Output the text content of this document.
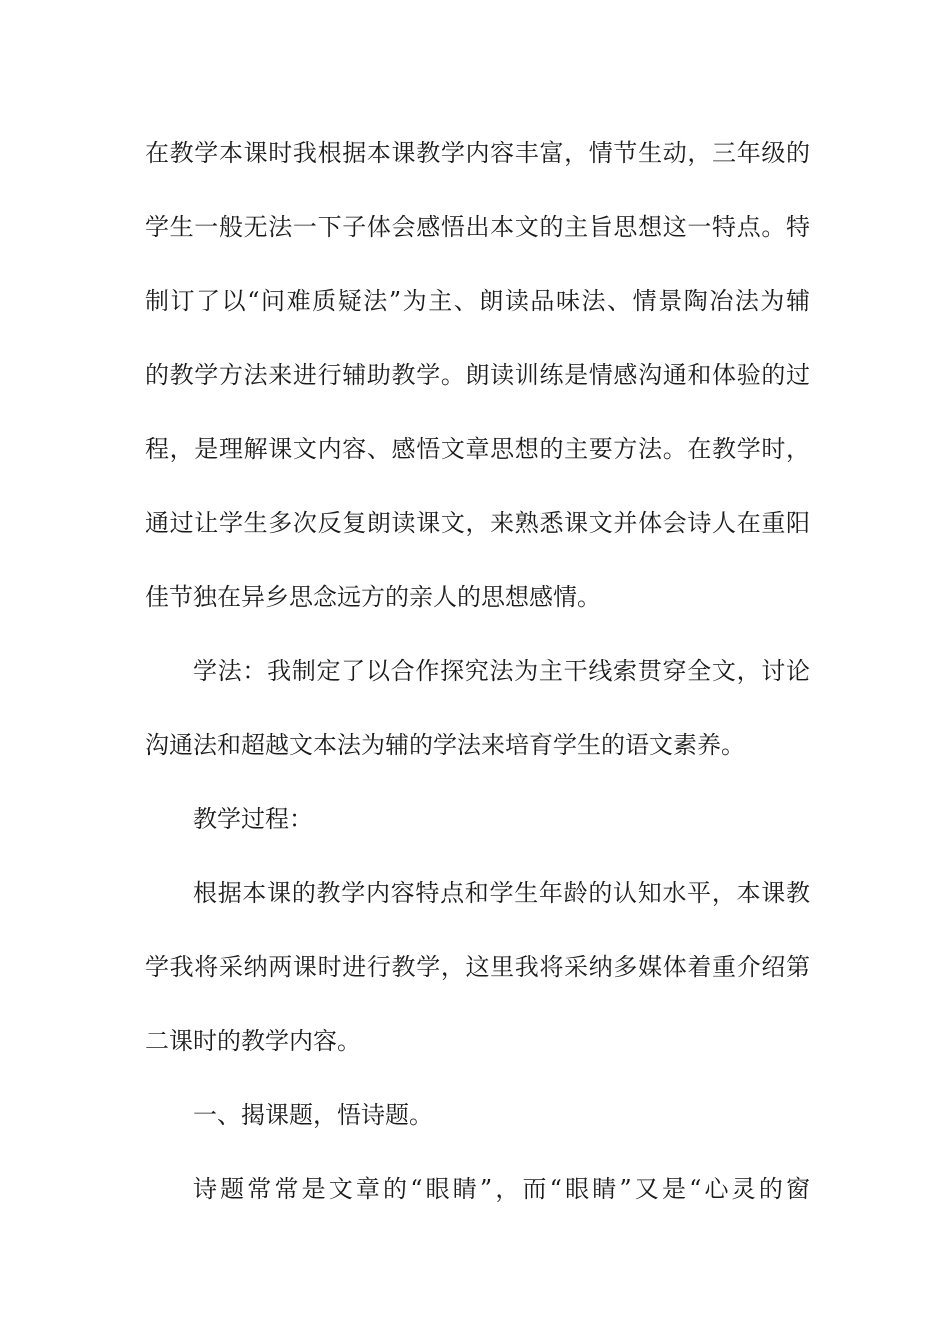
在教学本课时我根据本课教学内容丰富，情节生动，三年级的
学生一般无法一下子体会感悟出本文的主旨思想这一特点。特
制订了以“问难质疑法”为主、朗读品味法、情景陶冶法为辅
的教学方法来进行辅助教学。朗读训练是情感沟通和体验的过
程，是理解课文内容、感悟文章思想的主要方法。在教学时，
通过让学生多次反复朗读课文，来熟悉课文并体会诗人在重阳
佳节独在异乡思念远方的亲人的思想感情。
学法：我制定了以合作探究法为主干线索贯穿全文，讨论
沟通法和超越文本法为辅的学法来培育学生的语文素养。
教学过程：
根据本课的教学内容特点和学生年龄的认知水平，本课教
学我将采纳两课时进行教学，这里我将采纳多媒体着重介绍第
二课时的教学内容。
一、揭课题，悟诗题。
诗题常常是文章的“眼睛”，而“眼睛”又是“心灵的窗
